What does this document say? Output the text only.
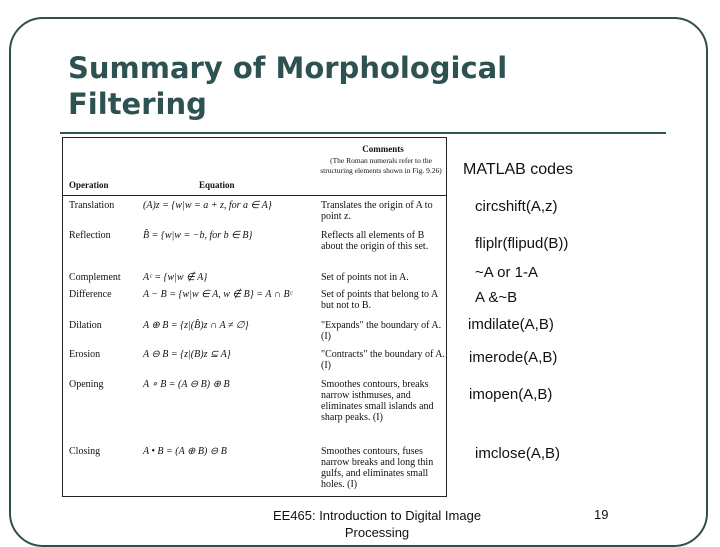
Summary of Morphological Filtering
Operation	Equation
Comments
(The Roman numerals refer to the structuring elements shown in Fig. 9.26)
Translation	(A)z = {w|w = a + z, for a ∈ A}	Translates the origin of A to point z.
Reflection	B̂ = {w|w = −b, for b ∈ B}	Reflects all elements of B about the origin of this set.
Complement	Aᶜ = {w|w ∉ A}	Set of points not in A.
Difference	A − B = {w|w ∈ A, w ∉ B} = A ∩ Bᶜ	Set of points that belong to A but not to B.
Dilation	A ⊕ B = {z|(B̂)z ∩ A ≠ ∅}	"Expands" the boundary of A. (I)
Erosion	A ⊖ B = {z|(B)z ⊆ A}	"Contracts" the boundary of A. (I)
Opening	A ∘ B = (A ⊖ B) ⊕ B	Smoothes contours, breaks narrow isthmuses, and eliminates small islands and sharp peaks. (I)
Closing	A • B = (A ⊕ B) ⊖ B	Smoothes contours, fuses narrow breaks and long thin gulfs, and eliminates small holes. (I)
MATLAB codes
circshift(A,z)
fliplr(flipud(B))
~A or 1-A
A &~B
imdilate(A,B)
imerode(A,B)
imopen(A,B)
imclose(A,B)
EE465: Introduction to Digital Image Processing
19
